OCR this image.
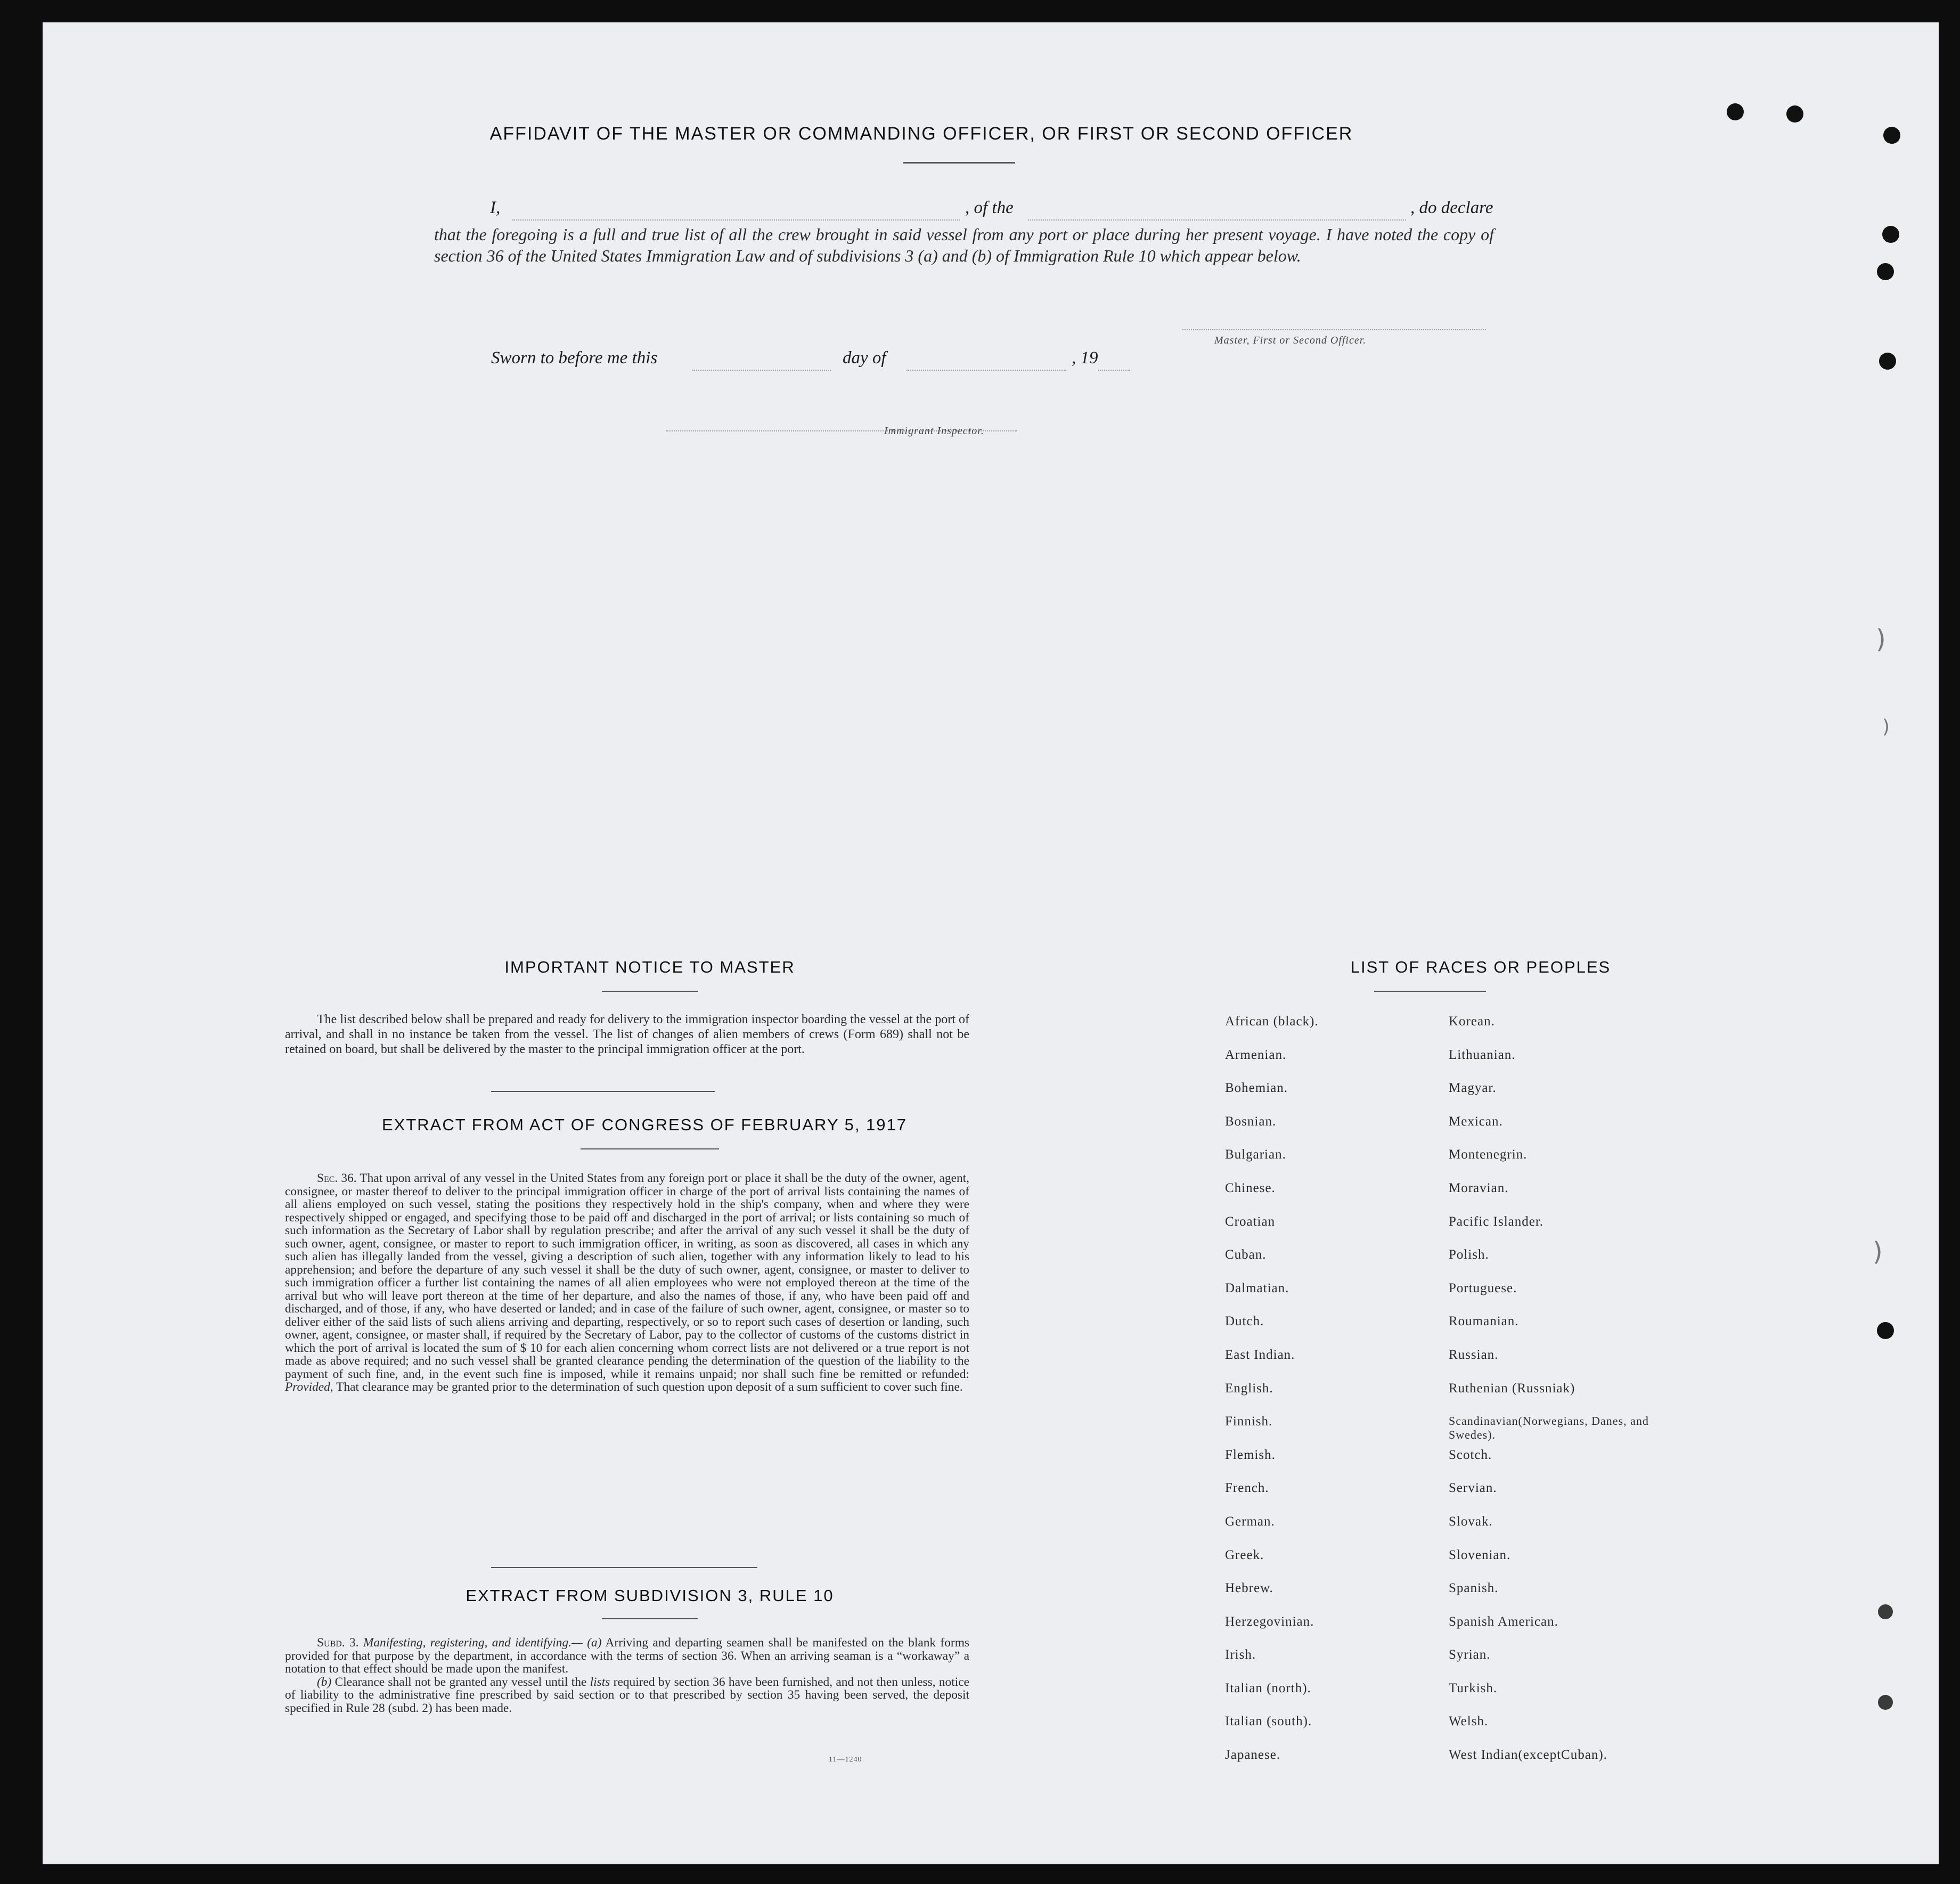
)
)
)
AFFIDAVIT OF THE MASTER OR COMMANDING OFFICER, OR FIRST OR SECOND OFFICER
I,	, of the	, do declare
that the foregoing is a full and true list of all the crew brought in said vessel from any port or place during her present voyage. I have noted the copy of section 36 of the United States Immigration Law and of subdivisions 3 (a) and (b) of Immigration Rule 10 which appear below.
Master, First or Second Officer.
Sworn to before me this	day of	, 19
Immigrant Inspector.
IMPORTANT NOTICE TO MASTER
The list described below shall be prepared and ready for delivery to the immigration inspector boarding the vessel at the port of arrival, and shall in no instance be taken from the vessel. The list of changes of alien members of crews (Form 689) shall not be retained on board, but shall be delivered by the master to the principal immigration officer at the port.
EXTRACT FROM ACT OF CONGRESS OF FEBRUARY 5, 1917
Sec. 36. That upon arrival of any vessel in the United States from any foreign port or place it shall be the duty of the owner, agent, consignee, or master thereof to deliver to the principal immigration officer in charge of the port of arrival lists containing the names of all aliens employed on such vessel, stating the positions they respectively hold in the ship's company, when and where they were respectively shipped or engaged, and specifying those to be paid off and discharged in the port of arrival; or lists containing so much of such information as the Secretary of Labor shall by regulation prescribe; and after the arrival of any such vessel it shall be the duty of such owner, agent, consignee, or master to report to such immigration officer, in writing, as soon as discovered, all cases in which any such alien has illegally landed from the vessel, giving a description of such alien, together with any information likely to lead to his apprehension; and before the departure of any such vessel it shall be the duty of such owner, agent, consignee, or master to deliver to such immigration officer a further list containing the names of all alien employees who were not employed thereon at the time of the arrival but who will leave port thereon at the time of her departure, and also the names of those, if any, who have been paid off and discharged, and of those, if any, who have deserted or landed; and in case of the failure of such owner, agent, consignee, or master so to deliver either of the said lists of such aliens arriving and departing, respectively, or so to report such cases of desertion or landing, such owner, agent, consignee, or master shall, if required by the Secretary of Labor, pay to the collector of customs of the customs district in which the port of arrival is located the sum of $ 10 for each alien concerning whom correct lists are not delivered or a true report is not made as above required; and no such vessel shall be granted clearance pending the determination of the question of the liability to the payment of such fine, and, in the event such fine is imposed, while it remains unpaid; nor shall such fine be remitted or refunded: Provided, That clearance may be granted prior to the determination of such question upon deposit of a sum sufficient to cover such fine.
EXTRACT FROM SUBDIVISION 3, RULE 10
Subd. 3. Manifesting, registering, and identifying.— (a) Arriving and departing seamen shall be manifested on the blank forms provided for that purpose by the department, in accordance with the terms of section 36. When an arriving seaman is a “workaway” a notation to that effect should be made upon the manifest.
(b) Clearance shall not be granted any vessel until the lists required by section 36 have been furnished, and not then unless, notice of liability to the administrative fine prescribed by said section or to that prescribed by section 35 having been served, the deposit specified in Rule 28 (subd. 2) has been made.
11—1240
LIST OF RACES OR PEOPLES
African (black).
Armenian.
Bohemian.
Bosnian.
Bulgarian.
Chinese.
Croatian
Cuban.
Dalmatian.
Dutch.
East Indian.
English.
Finnish.
Flemish.
French.
German.
Greek.
Hebrew.
Herzegovinian.
Irish.
Italian (north).
Italian (south).
Japanese.
Korean.
Lithuanian.
Magyar.
Mexican.
Montenegrin.
Moravian.
Pacific Islander.
Polish.
Portuguese.
Roumanian.
Russian.
Ruthenian (Russniak)
Scandinavian(Norwegians, Danes, and Swedes).
Scotch.
Servian.
Slovak.
Slovenian.
Spanish.
Spanish American.
Syrian.
Turkish.
Welsh.
West Indian(exceptCuban).
